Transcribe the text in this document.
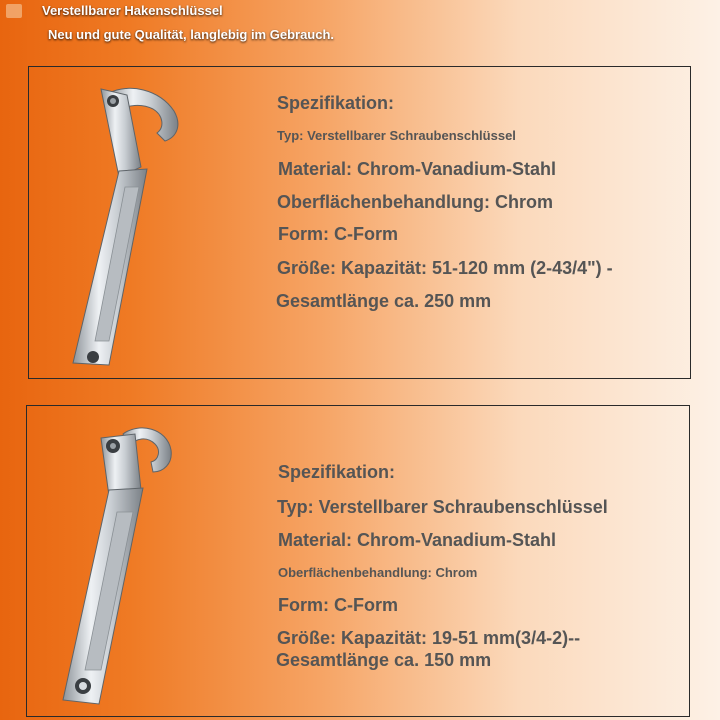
Verstellbarer Hakenschlüssel
Neu und gute Qualität, langlebig im Gebrauch.
Spezifikation:
Typ: Verstellbarer Schraubenschlüssel
Material: Chrom-Vanadium-Stahl
Oberflächenbehandlung: Chrom
Form: C-Form
Größe: Kapazität: 51-120 mm (2-43/4") -
Gesamtlänge ca. 250 mm
Spezifikation:
Typ: Verstellbarer Schraubenschlüssel
Material: Chrom-Vanadium-Stahl
Oberflächenbehandlung: Chrom
Form: C-Form
Größe: Kapazität: 19-51 mm(3/4-2)--
Gesamtlänge ca. 150 mm
